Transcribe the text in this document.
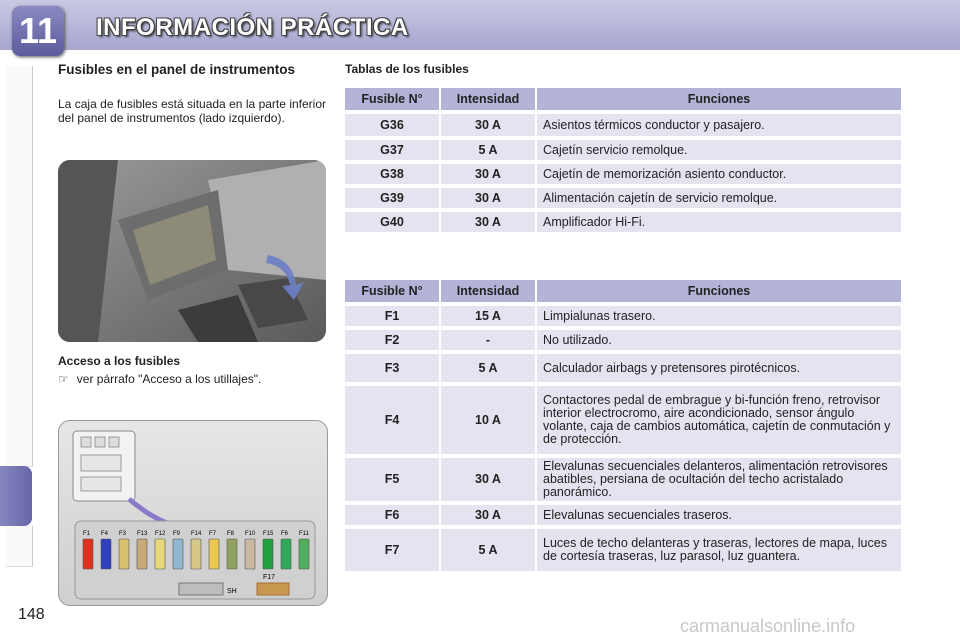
11 INFORMACIÓN PRÁCTICA
Fusibles en el panel de instrumentos
La caja de fusibles está situada en la parte inferior del panel de instrumentos (lado izquierdo).
Acceso a los fusibles
☞ ver párrafo "Acceso a los utillajes".
F1 F4 F3 F13 F12 F9 F14 F7 F8 F10 F15 F6 F11
SH
F17
Tablas de los fusibles
Fusible N°	Intensidad	Funciones
G36	30 A	Asientos térmicos conductor y pasajero.
G37	5 A	Cajetín servicio remolque.
G38	30 A	Cajetín de memorización asiento conductor.
G39	30 A	Alimentación cajetín de servicio remolque.
G40	30 A	Amplificador Hi-Fi.
Fusible N°	Intensidad	Funciones
F1	15 A	Limpialunas trasero.
F2	-	No utilizado.
F3	5 A	Calculador airbags y pretensores pirotécnicos.
F4	10 A	Contactores pedal de embrague y bi-función freno, retrovisor interior electrocromo, aire acondicionado, sensor ángulo volante, caja de cambios automática, cajetín de conmutación y de protección.
F5	30 A	Elevalunas secuenciales delanteros, alimentación retrovisores abatibles, persiana de ocultación del techo acristalado panorámico.
F6	30 A	Elevalunas secuenciales traseros.
F7	5 A	Luces de techo delanteras y traseras, lectores de mapa, luces de cortesía traseras, luz parasol, luz guantera.
148
carmanualsonline.info
